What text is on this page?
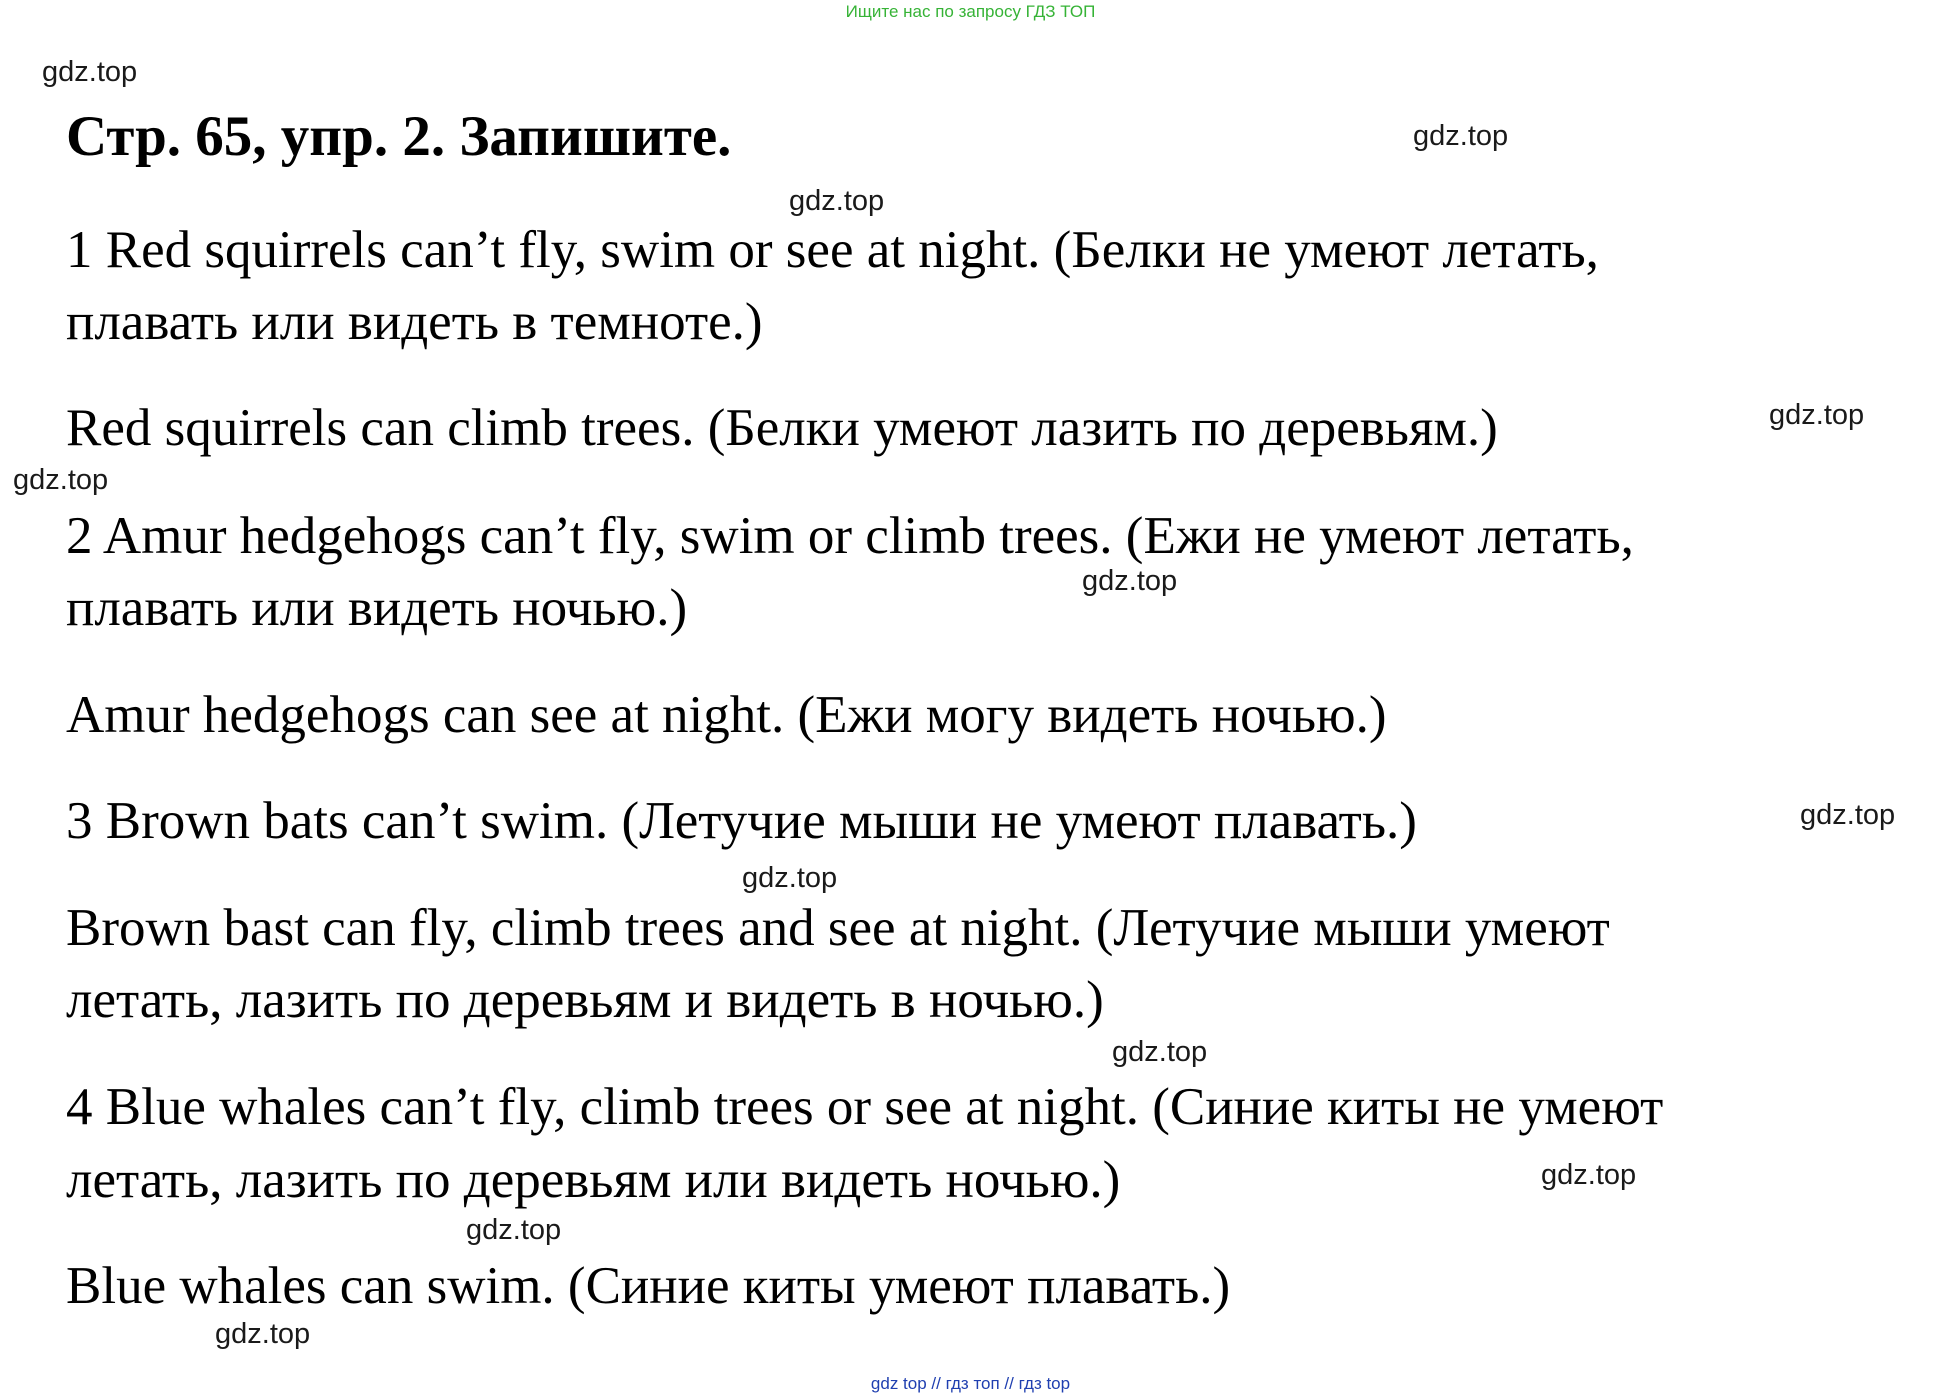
Ищите нас по запросу ГДЗ ТОП
gdz.top
gdz.top
gdz.top
gdz.top
gdz.top
gdz.top
gdz.top
gdz.top
gdz.top
gdz.top
gdz.top
gdz.top
Стр. 65, упр. 2. Запишите.
1 Red squirrels can’t fly, swim or see at night. (Белки не умеют летать,
плавать или видеть в темноте.)
Red squirrels can climb trees. (Белки умеют лазить по деревьям.)
2 Amur hedgehogs can’t fly, swim or climb trees. (Ежи не умеют летать,
плавать или видеть ночью.)
Amur hedgehogs can see at night. (Ежи могу видеть ночью.)
3 Brown bats can’t swim. (Летучие мыши не умеют плавать.)
Brown bast can fly, climb trees and see at night. (Летучие мыши умеют
летать, лазить по деревьям и видеть в ночью.)
4 Blue whales can’t fly, climb trees or see at night. (Синие киты не умеют
летать, лазить по деревьям или видеть ночью.)
Blue whales can swim. (Синие киты умеют плавать.)
gdz top // гдз топ // гдз top
